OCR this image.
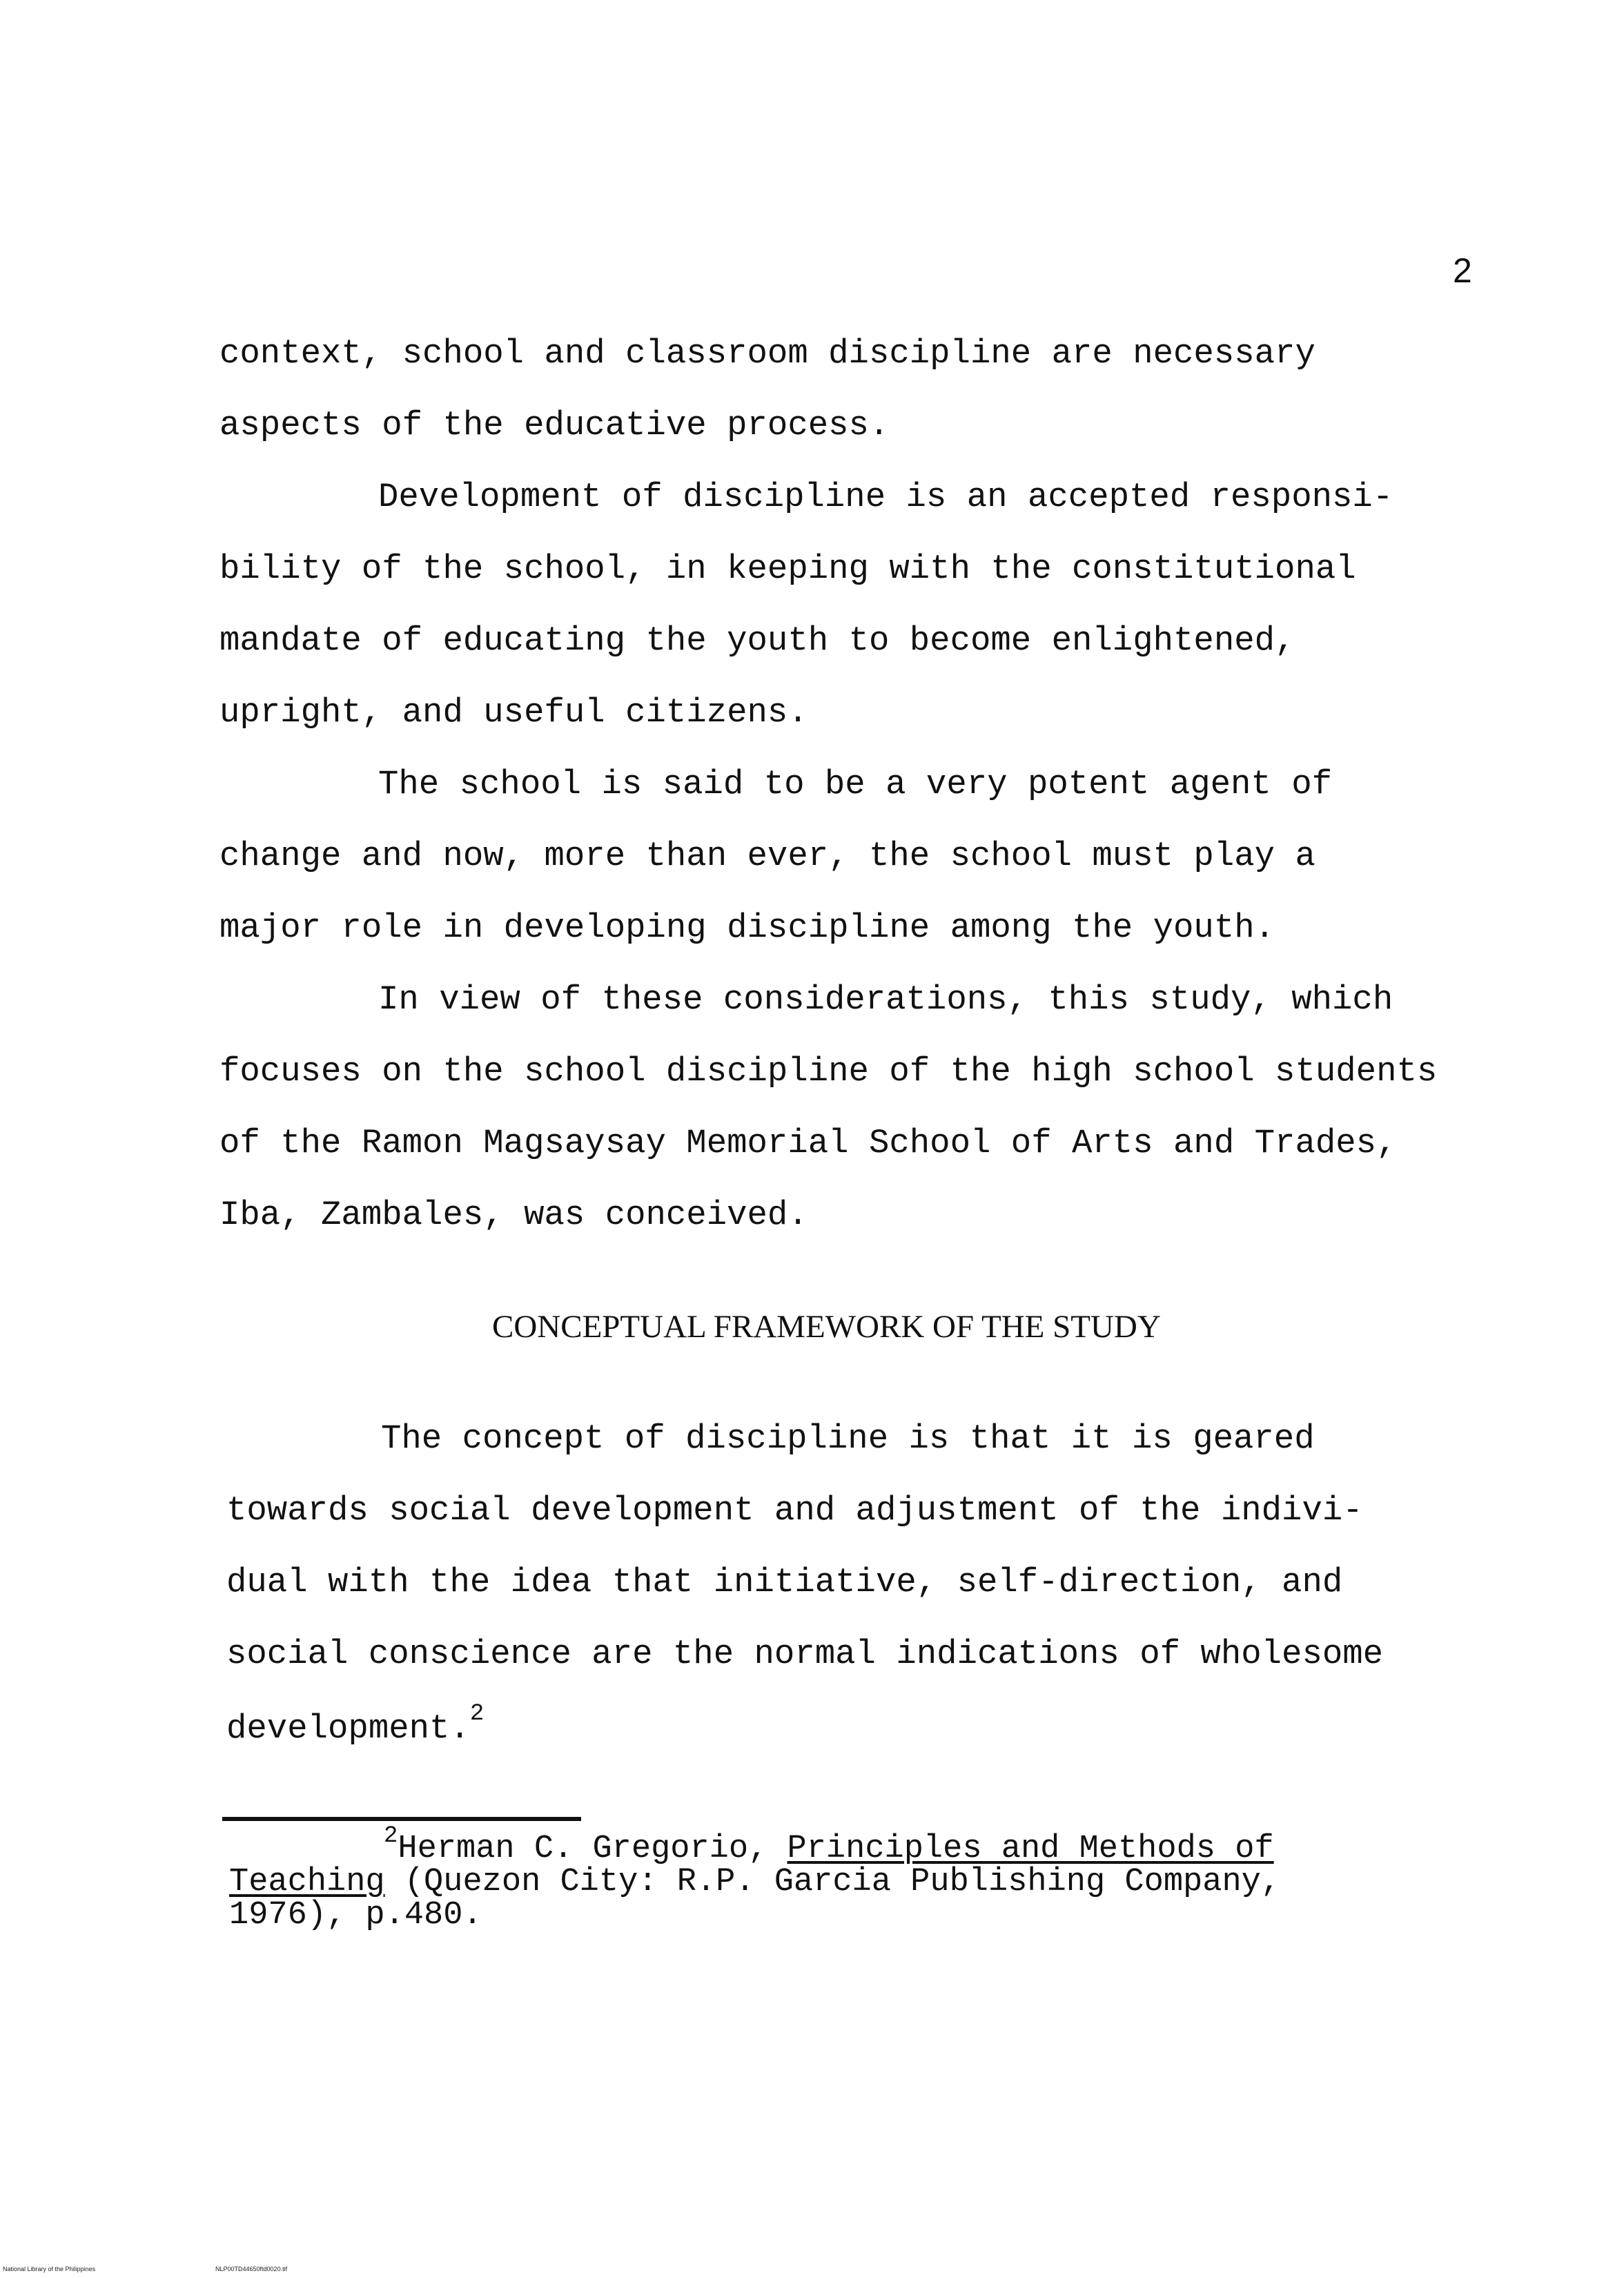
2
context, school and classroom discipline are necessary
aspects of the educative process.
Development of discipline is an accepted responsi-
bility of the school, in keeping with the constitutional
mandate of educating the youth to become enlightened,
upright, and useful citizens.
The school is said to be a very potent agent of
change and now, more than ever, the school must play a
major role in developing discipline among the youth.
In view of these considerations, this study, which
focuses on the school discipline of the high school students
of the Ramon Magsaysay Memorial School of Arts and Trades,
Iba, Zambales, was conceived.
CONCEPTUAL FRAMEWORK OF THE STUDY
The concept of discipline is that it is geared
towards social development and adjustment of the indivi-
dual with the idea that initiative, self-direction, and
social conscience are the normal indications of wholesome
development.$^2$
$^2$Herman C. Gregorio, Principles and Methods of
Teaching (Quezon City: R.P. Garcia Publishing Company,
1976), p.480.
National Library of the Philippines	NLP00TD44650ftd0020.tif
